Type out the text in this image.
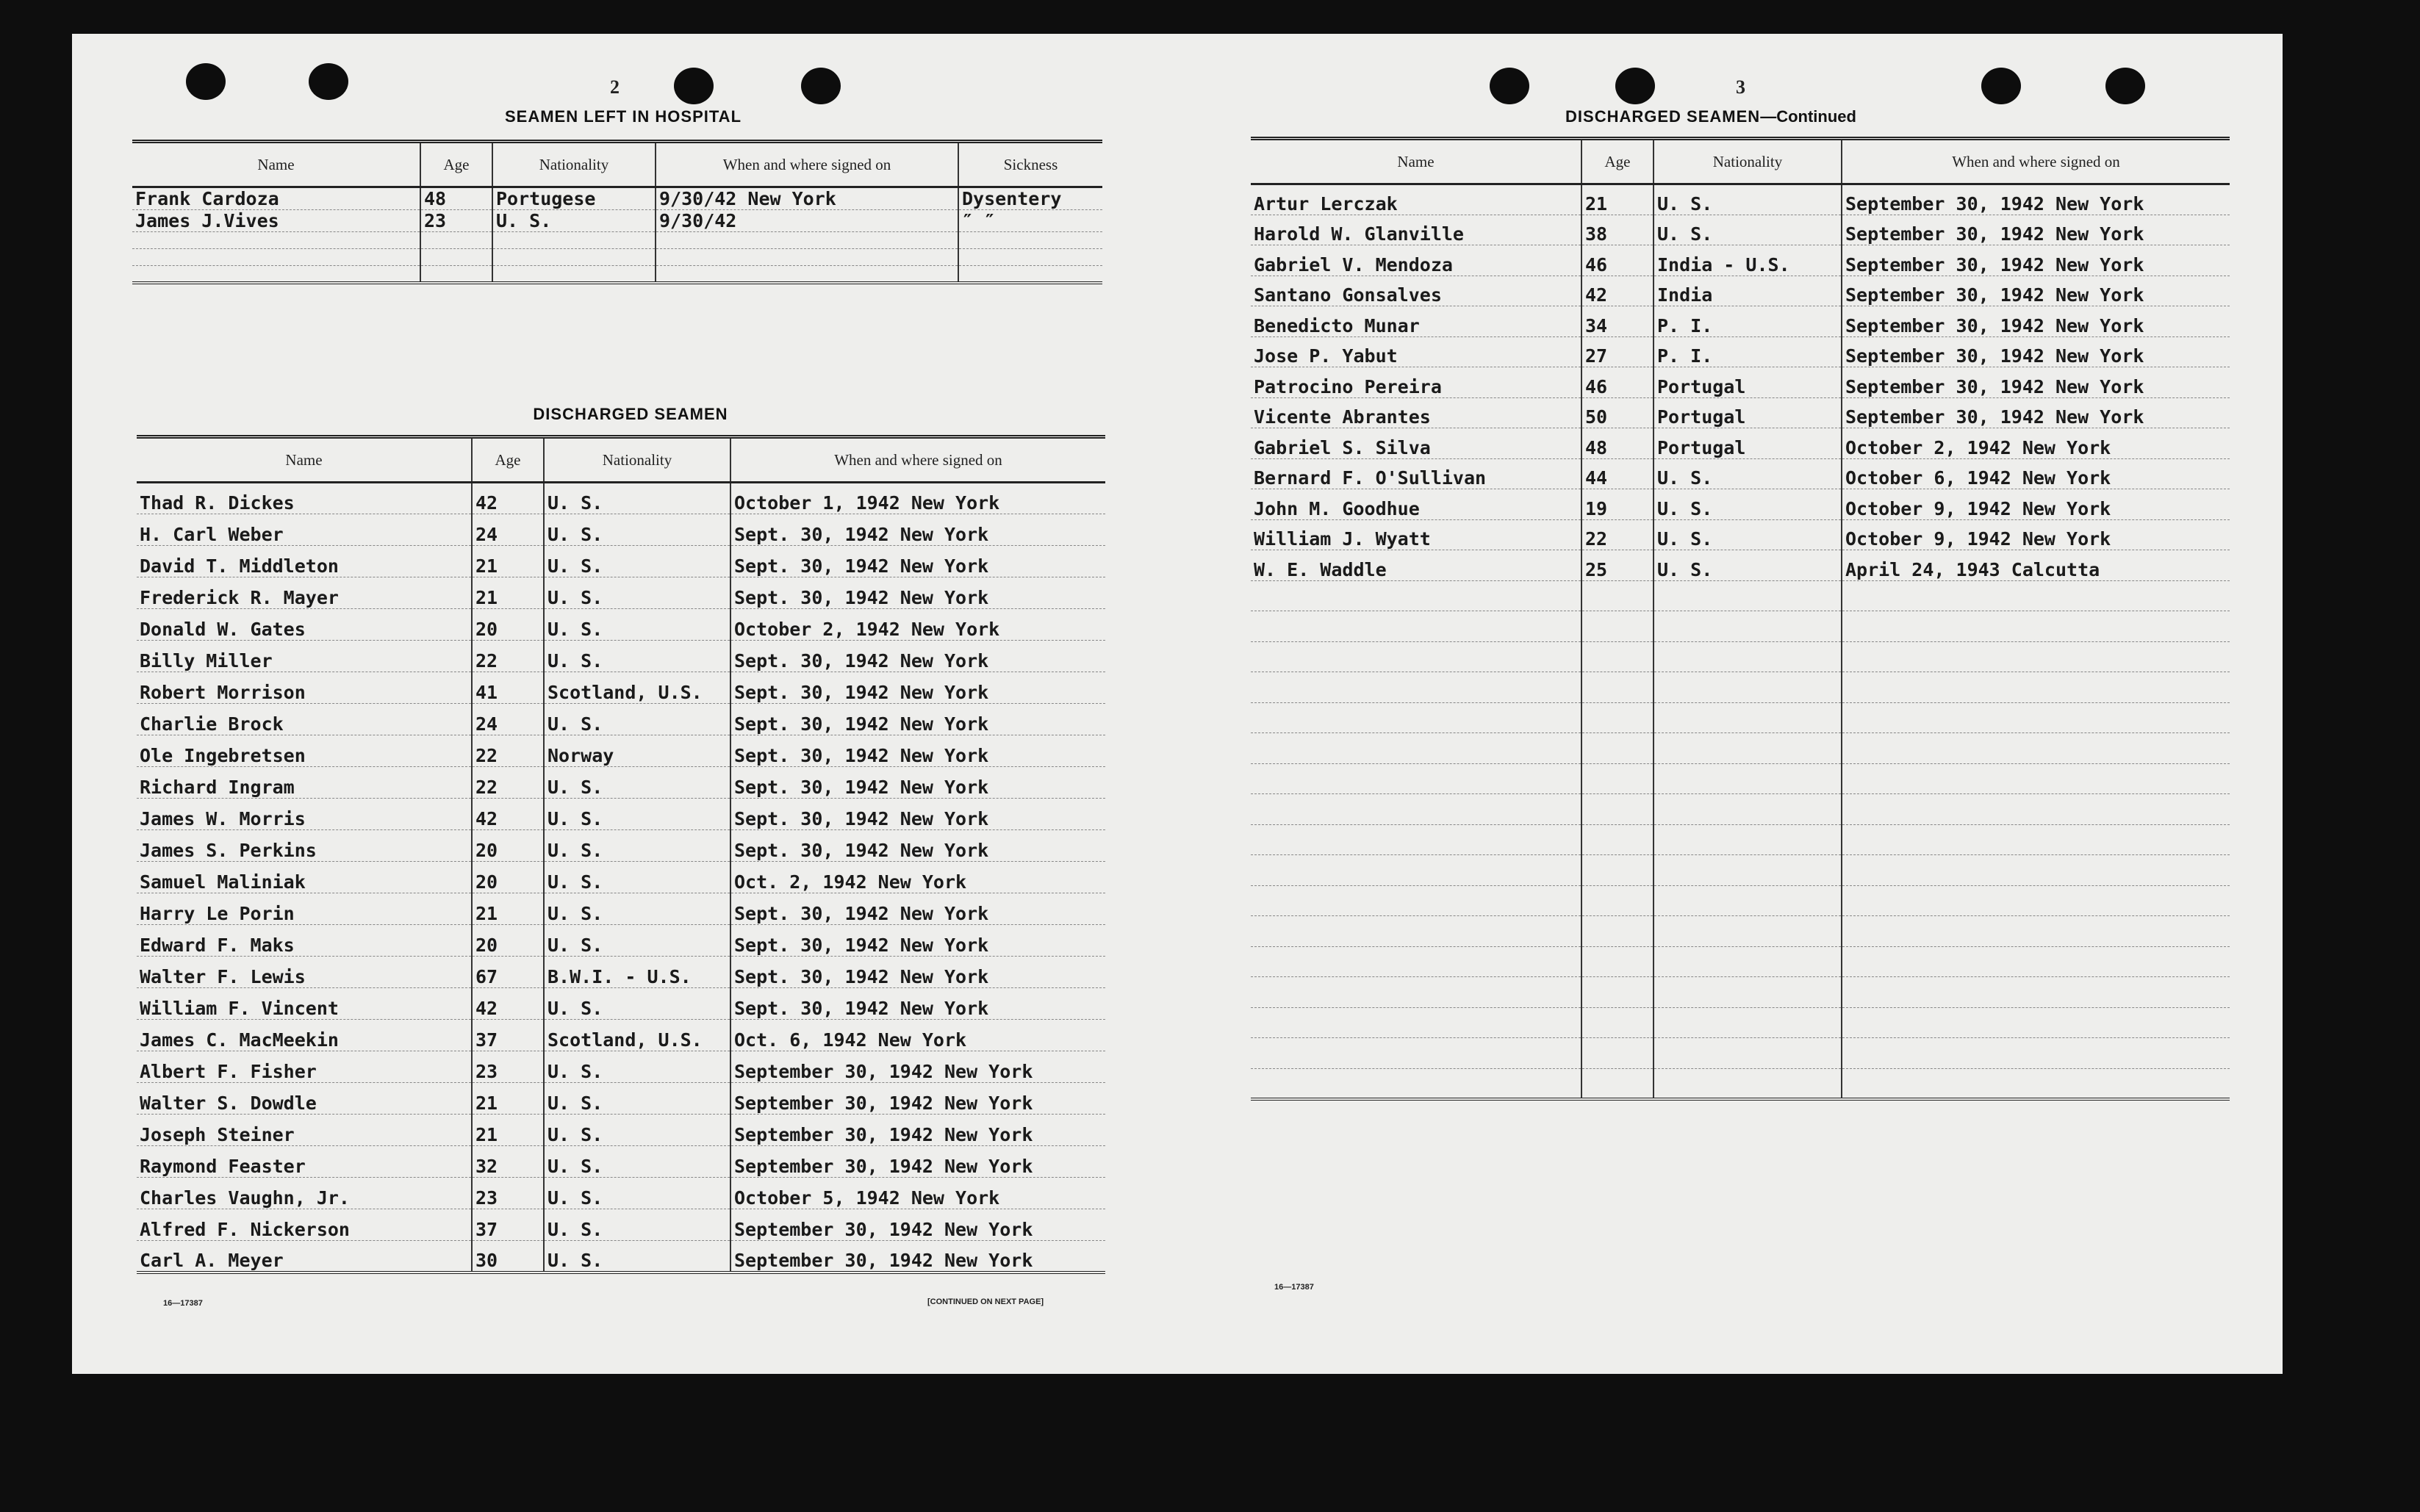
2
SEAMEN LEFT IN HOSPITAL
Name	Age	Nationality	When and where signed on	Sickness
Frank Cardoza	48	Portugese	9/30/42 New York	Dysentery
James J.Vives	23	U. S.	9/30/42	″ ″

DISCHARGED SEAMEN
Name	Age	Nationality	When and where signed on
Thad R. Dickes	42	U. S.	October 1, 1942 New York
H. Carl Weber	24	U. S.	Sept. 30, 1942 New York
David T. Middleton	21	U. S.	Sept. 30, 1942 New York
Frederick R. Mayer	21	U. S.	Sept. 30, 1942 New York
Donald W. Gates	20	U. S.	October 2, 1942 New York
Billy Miller	22	U. S.	Sept. 30, 1942 New York
Robert Morrison	41	Scotland, U.S.	Sept. 30, 1942 New York
Charlie Brock	24	U. S.	Sept. 30, 1942 New York
Ole Ingebretsen	22	Norway	Sept. 30, 1942 New York
Richard Ingram	22	U. S.	Sept. 30, 1942 New York
James W. Morris	42	U. S.	Sept. 30, 1942 New York
James S. Perkins	20	U. S.	Sept. 30, 1942 New York
Samuel Maliniak	20	U. S.	Oct. 2, 1942 New York
Harry Le Porin	21	U. S.	Sept. 30, 1942 New York
Edward F. Maks	20	U. S.	Sept. 30, 1942 New York
Walter F. Lewis	67	B.W.I. - U.S.	Sept. 30, 1942 New York
William F. Vincent	42	U. S.	Sept. 30, 1942 New York
James C. MacMeekin	37	Scotland, U.S.	Oct. 6, 1942 New York
Albert F. Fisher	23	U. S.	September 30, 1942 New York
Walter S. Dowdle	21	U. S.	September 30, 1942 New York
Joseph Steiner	21	U. S.	September 30, 1942 New York
Raymond Feaster	32	U. S.	September 30, 1942 New York
Charles Vaughn, Jr.	23	U. S.	October 5, 1942 New York
Alfred F. Nickerson	37	U. S.	September 30, 1942 New York
Carl A. Meyer	30	U. S.	September 30, 1942 New York
16—17387	[CONTINUED ON NEXT PAGE]
3
DISCHARGED SEAMEN—Continued
Name	Age	Nationality	When and where signed on
Artur Lerczak	21	U. S.	September 30, 1942 New York
Harold W. Glanville	38	U. S.	September 30, 1942 New York
Gabriel V. Mendoza	46	India - U.S.	September 30, 1942 New York
Santano Gonsalves	42	India	September 30, 1942 New York
Benedicto Munar	34	P. I.	September 30, 1942 New York
Jose P. Yabut	27	P. I.	September 30, 1942 New York
Patrocino Pereira	46	Portugal	September 30, 1942 New York
Vicente Abrantes	50	Portugal	September 30, 1942 New York
Gabriel S. Silva	48	Portugal	October 2, 1942 New York
Bernard F. O'Sullivan	44	U. S.	October 6, 1942 New York
John M. Goodhue	19	U. S.	October 9, 1942 New York
William J. Wyatt	22	U. S.	October 9, 1942 New York
W. E. Waddle	25	U. S.	April 24, 1943 Calcutta

16—17387
